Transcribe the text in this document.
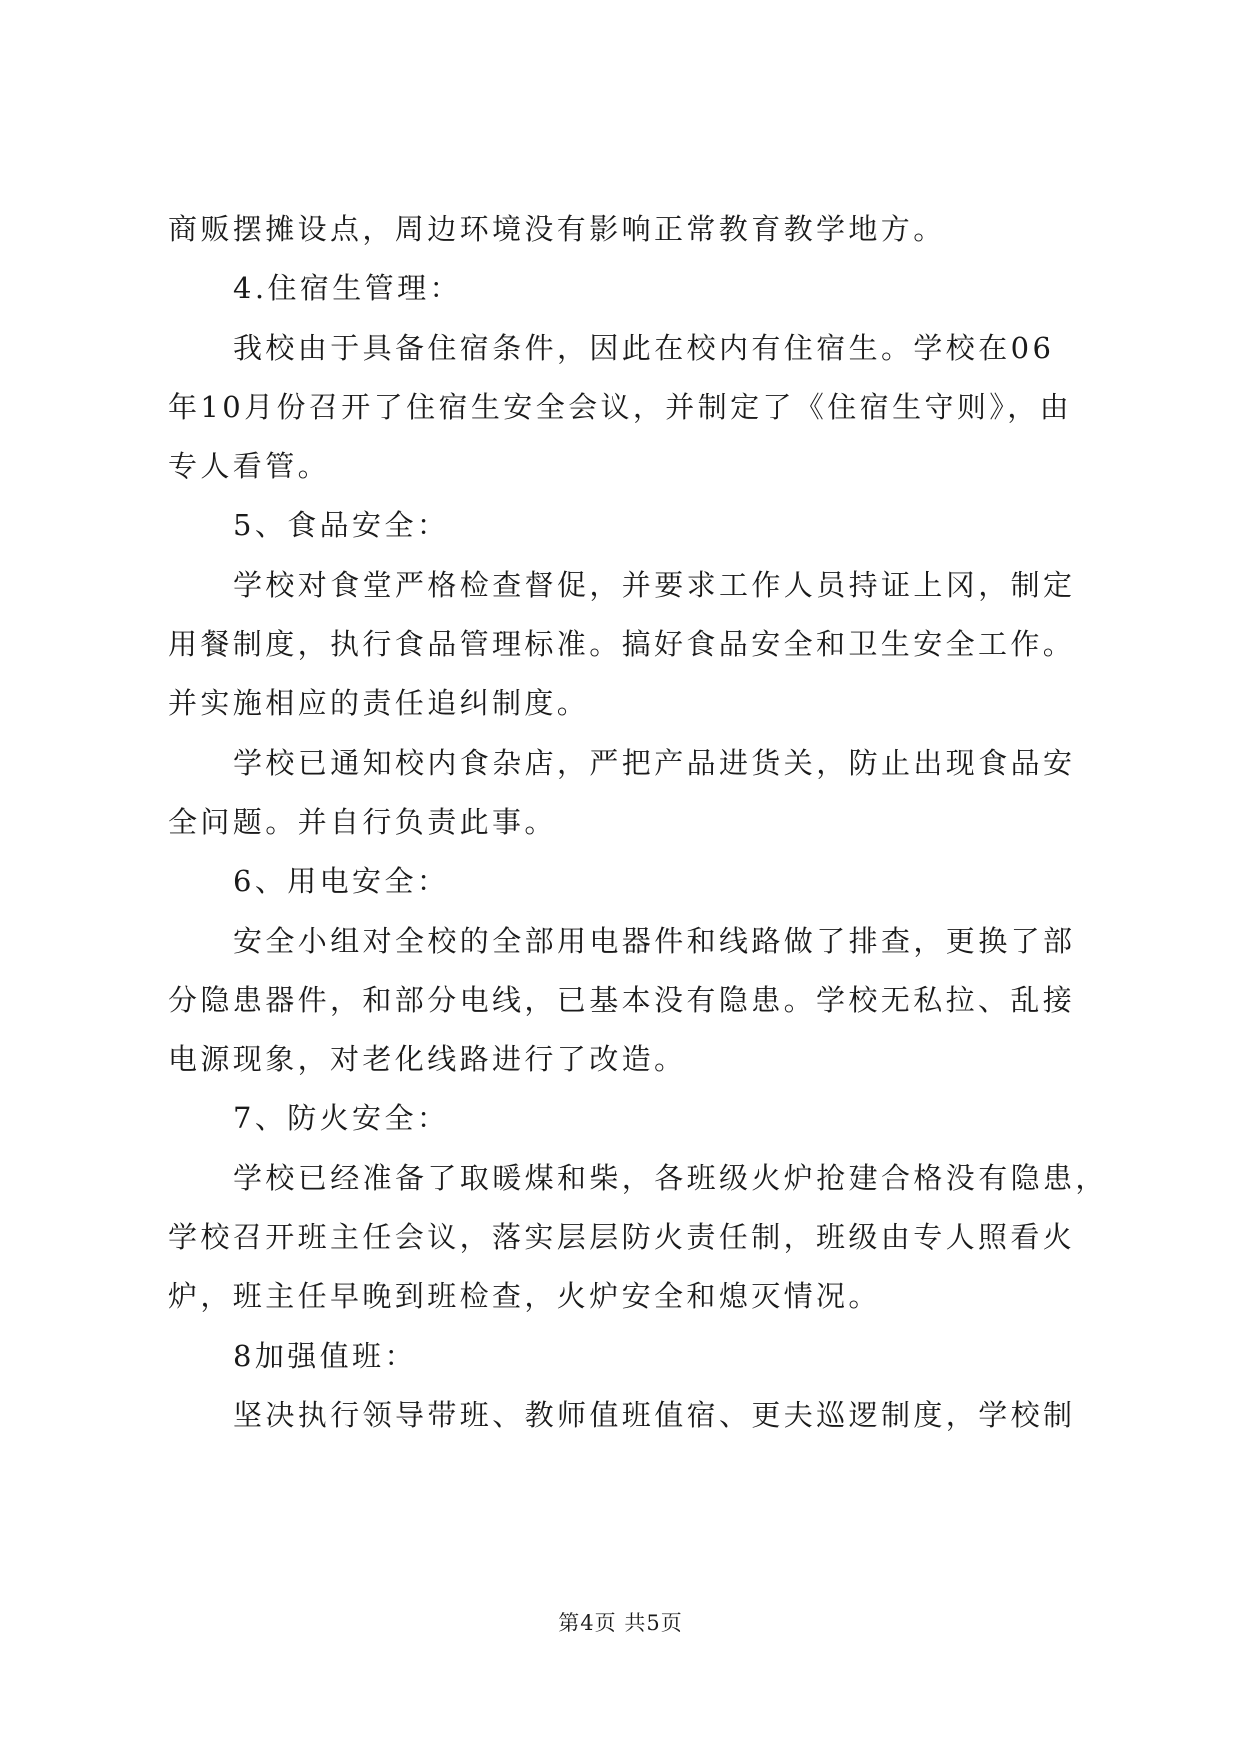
商贩摆摊设点，周边环境没有影响正常教育教学地方。
4.住宿生管理：
我校由于具备住宿条件，因此在校内有住宿生。学校在06
年10月份召开了住宿生安全会议，并制定了《住宿生守则》，由
专人看管。
5、食品安全：
学校对食堂严格检查督促，并要求工作人员持证上冈，制定
用餐制度，执行食品管理标准。搞好食品安全和卫生安全工作。
并实施相应的责任追纠制度。
学校已通知校内食杂店，严把产品进货关，防止出现食品安
全问题。并自行负责此事。
6、用电安全：
安全小组对全校的全部用电器件和线路做了排查，更换了部
分隐患器件，和部分电线，已基本没有隐患。学校无私拉、乱接
电源现象，对老化线路进行了改造。
7、防火安全：
学校已经准备了取暖煤和柴，各班级火炉抢建合格没有隐患，
学校召开班主任会议，落实层层防火责任制，班级由专人照看火
炉，班主任早晚到班检查，火炉安全和熄灭情况。
8加强值班：
坚决执行领导带班、教师值班值宿、更夫巡逻制度，学校制
第4页 共5页
